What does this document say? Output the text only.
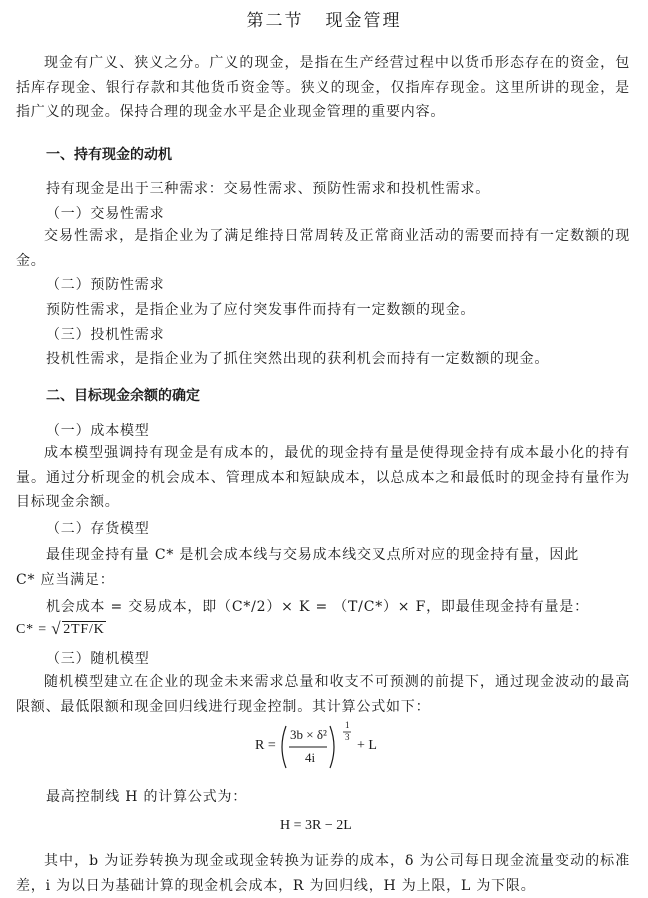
第二节 现金管理

现金有广义、狭义之分。广义的现金，是指在生产经营过程中以货币形态存在的资金，包括库存现金、银行存款和其他货币资金等。狭义的现金，仅指库存现金。这里所讲的现金，是指广义的现金。保持合理的现金水平是企业现金管理的重要内容。

一、持有现金的动机
持有现金是出于三种需求：交易性需求、预防性需求和投机性需求。
（一）交易性需求

交易性需求，是指企业为了满足维持日常周转及正常商业活动的需要而持有一定数额的现金。

（二）预防性需求
预防性需求，是指企业为了应付突发事件而持有一定数额的现金。
（三）投机性需求
投机性需求，是指企业为了抓住突然出现的获利机会而持有一定数额的现金。
二、目标现金余额的确定
（一）成本模型

成本模型强调持有现金是有成本的，最优的现金持有量是使得现金持有成本最小化的持有量。通过分析现金的机会成本、管理成本和短缺成本，以总成本之和最低时的现金持有量作为目标现金余额。

（二）存货模型
最佳现金持有量 C* 是机会成本线与交易成本线交叉点所对应的现金持有量，因此
C* 应当满足：
机会成本 = 交易成本，即（C*/2）× K = （T/C*）× F，即最佳现金持有量是：
C* = √ 2TF/K
（三）随机模型

随机模型建立在企业的现金未来需求总量和收支不可预测的前提下，通过现金波动的最高限额、最低限额和现金回归线进行现金控制。其计算公式如下：

R =
3b × δ²
4i
1
3
+ L
最高控制线 H 的计算公式为：
H = 3R − 2L

其中，b 为证券转换为现金或现金转换为证券的成本，δ 为公司每日现金流量变动的标准差，i 为以日为基础计算的现金机会成本，R 为回归线，H 为上限，L 为下限。
